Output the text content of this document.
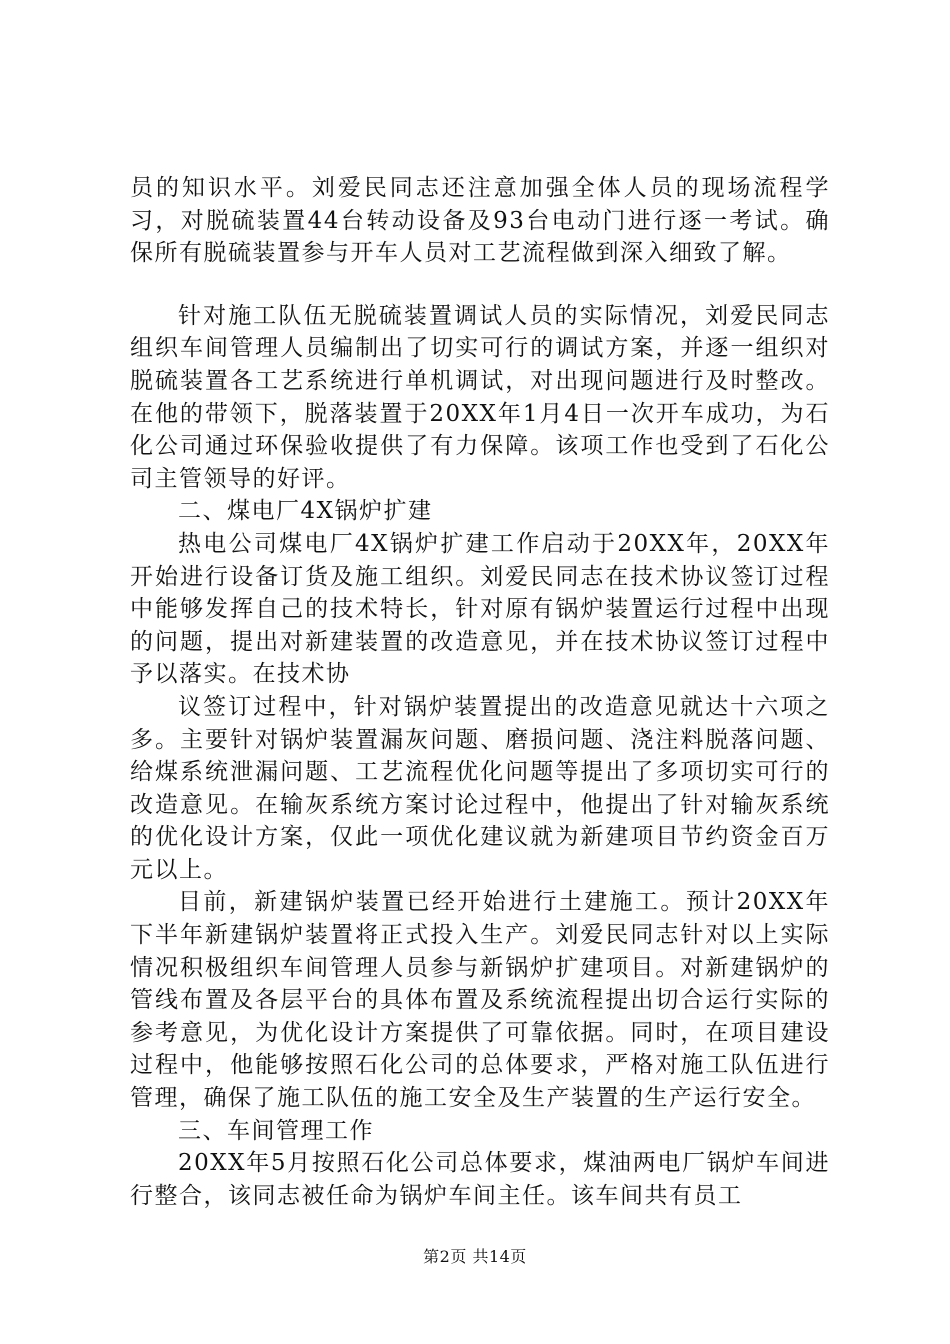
员的知识水平。刘爱民同志还注意加强全体人员的现场流程学习，对脱硫装置44台转动设备及93台电动门进行逐一考试。确保所有脱硫装置参与开车人员对工艺流程做到深入细致了解。

针对施工队伍无脱硫装置调试人员的实际情况，刘爱民同志组织车间管理人员编制出了切实可行的调试方案，并逐一组织对脱硫装置各工艺系统进行单机调试，对出现问题进行及时整改。在他的带领下，脱落装置于20XX年1月4日一次开车成功，为石化公司通过环保验收提供了有力保障。该项工作也受到了石化公司主管领导的好评。

二、煤电厂4X锅炉扩建

热电公司煤电厂4X锅炉扩建工作启动于20XX年，20XX年开始进行设备订货及施工组织。刘爱民同志在技术协议签订过程中能够发挥自己的技术特长，针对原有锅炉装置运行过程中出现的问题，提出对新建装置的改造意见，并在技术协议签订过程中予以落实。在技术协

议签订过程中，针对锅炉装置提出的改造意见就达十六项之多。主要针对锅炉装置漏灰问题、磨损问题、浇注料脱落问题、给煤系统泄漏问题、工艺流程优化问题等提出了多项切实可行的改造意见。在输灰系统方案讨论过程中，他提出了针对输灰系统的优化设计方案，仅此一项优化建议就为新建项目节约资金百万元以上。

目前，新建锅炉装置已经开始进行土建施工。预计20XX年下半年新建锅炉装置将正式投入生产。刘爱民同志针对以上实际情况积极组织车间管理人员参与新锅炉扩建项目。对新建锅炉的管线布置及各层平台的具体布置及系统流程提出切合运行实际的参考意见，为优化设计方案提供了可靠依据。同时，在项目建设过程中，他能够按照石化公司的总体要求，严格对施工队伍进行管理，确保了施工队伍的施工安全及生产装置的生产运行安全。

三、车间管理工作

20XX年5月按照石化公司总体要求，煤油两电厂锅炉车间进行整合，该同志被任命为锅炉车间主任。该车间共有员工

第2页 共14页
